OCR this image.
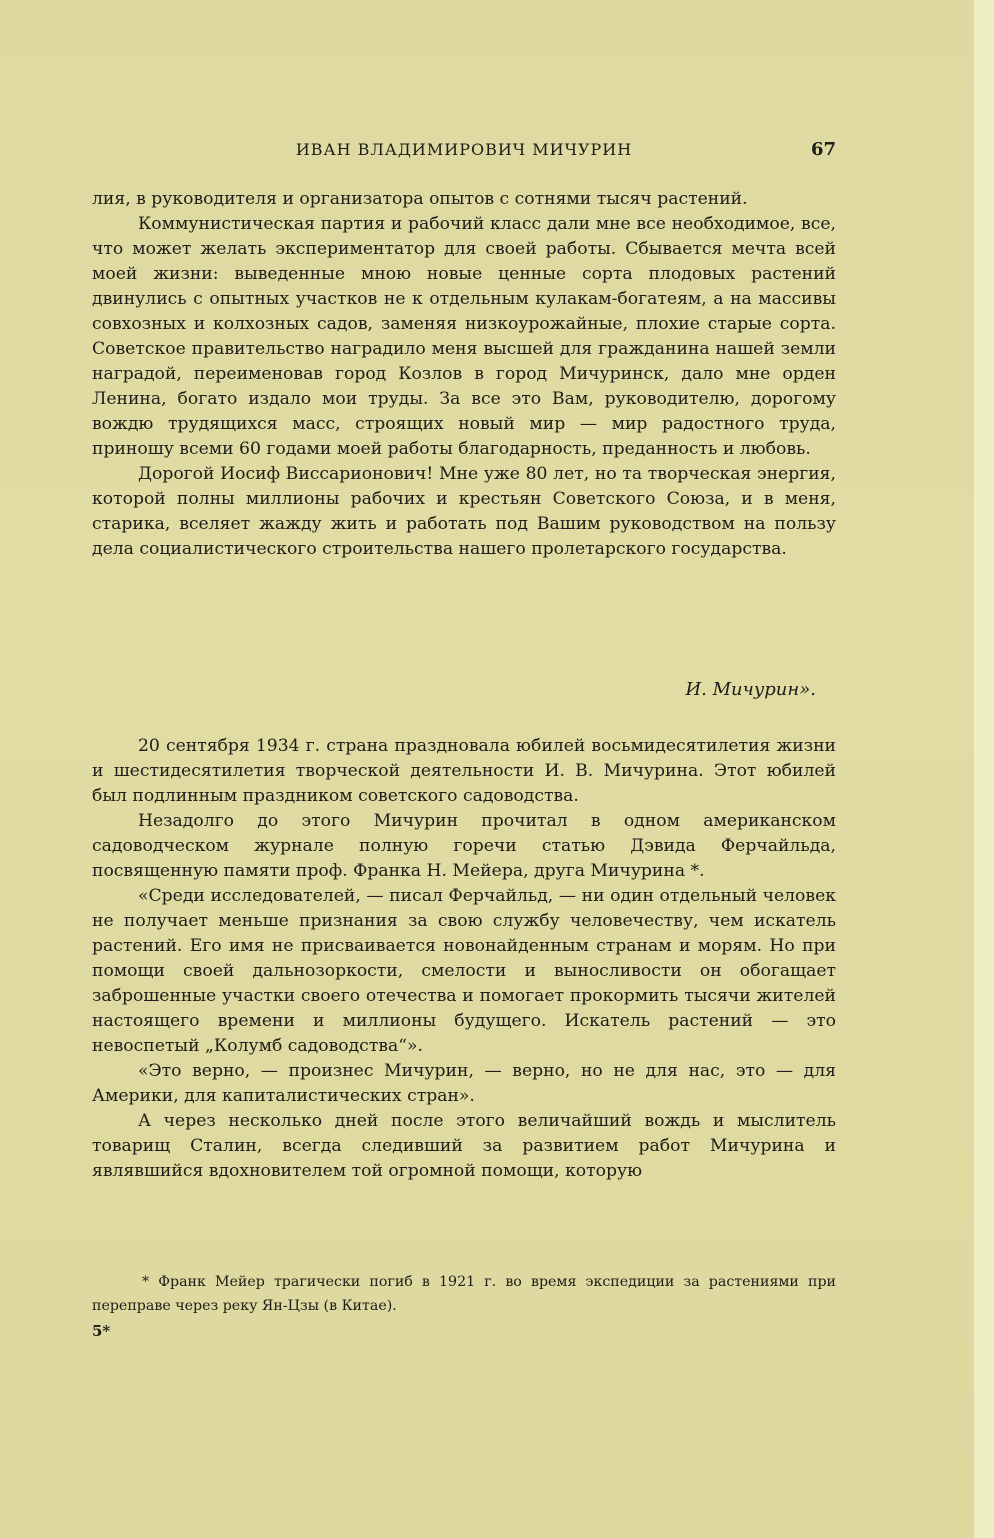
ИВАН ВЛАДИМИРОВИЧ МИЧУРИН	67

лия, в руководителя и организатора опытов с сотнями тысяч растений.

Коммунистическая партия и рабочий класс дали мне все необходимое, все, что может желать экспериментатор для своей работы. Сбывается мечта всей моей жизни: выведенные мною новые ценные сорта плодовых растений двинулись с опытных участков не к отдельным кулакам-богатеям, а на массивы совхозных и колхозных садов, заменяя низкоурожайные, плохие старые сорта. Советское правительство наградило меня высшей для гражданина нашей земли наградой, переименовав город Козлов в город Мичуринск, дало мне орден Ленина, богато издало мои труды. За все это Вам, руководителю, дорогому вождю трудящихся масс, строящих новый мир — мир радостного труда, приношу всеми 60 годами моей работы благодарность, преданность и любовь.

Дорогой Иосиф Виссарионович! Мне уже 80 лет, но та творческая энергия, которой полны миллионы рабочих и крестьян Советского Союза, и в меня, старика, вселяет жажду жить и работать под Вашим руководством на пользу дела социалистического строительства нашего пролетарского государства.

И. Мичурин».

20 сентября 1934 г. страна праздновала юбилей восьмидесятилетия жизни и шестидесятилетия творческой деятельности И. В. Мичурина. Этот юбилей был подлинным праздником советского садоводства.

Незадолго до этого Мичурин прочитал в одном американском садоводческом журнале полную горечи статью Дэвида Ферчайльда, посвященную памяти проф. Франка Н. Мейера, друга Мичурина *.

«Среди исследователей, — писал Ферчайльд, — ни один отдельный человек не получает меньше признания за свою службу человечеству, чем искатель растений. Его имя не присваивается новонайденным странам и морям. Но при помощи своей дальнозоркости, смелости и выносливости он обогащает заброшенные участки своего отечества и помогает прокормить тысячи жителей настоящего времени и миллионы будущего. Искатель растений — это невоспетый „Колумб садоводства“».

«Это верно, — произнес Мичурин, — верно, но не для нас, это — для Америки, для капиталистических стран».

А через несколько дней после этого величайший вождь и мыслитель товарищ Сталин, всегда следивший за развитием работ Мичурина и являвшийся вдохновителем той огромной помощи, которую

* Франк Мейер трагически погиб в 1921 г. во время экспедиции за растениями при переправе через реку Ян-Цзы (в Китае).

5*
